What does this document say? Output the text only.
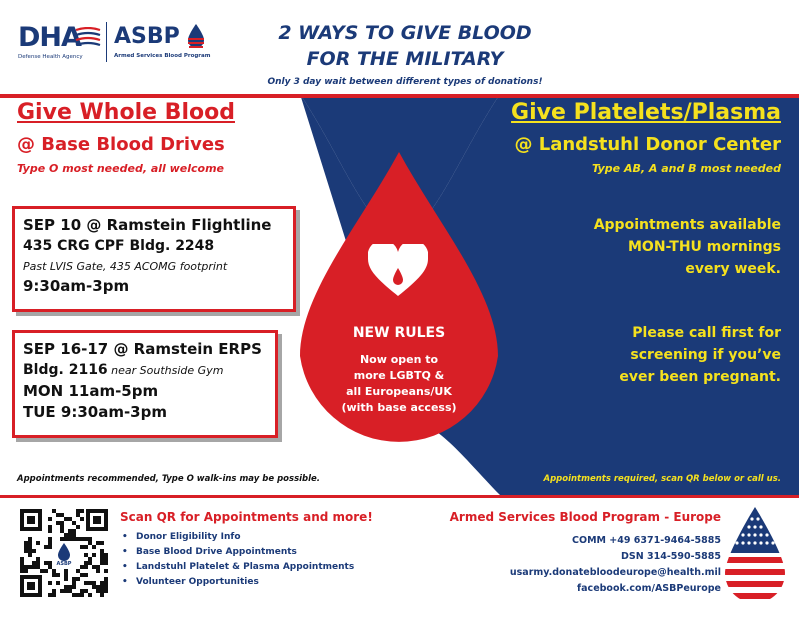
DHA
Defense Health Agency
ASBP
Armed Services Blood Program
2 WAYS TO GIVE BLOOD
FOR THE MILITARY
Only 3 day wait between different types of donations!
Give Whole Blood
@ Base Blood Drives
Type O most needed, all welcome
SEP 10 @ Ramstein Flightline
435 CRG CPF Bldg. 2248
Past LVIS Gate, 435 ACOMG footprint
9:30am-3pm
SEP 16-17 @ Ramstein ERPS
Bldg. 2116 near Southside Gym
MON 11am-5pm
TUE 9:30am-3pm
Appointments recommended, Type O walk-ins may be possible.
NEW RULES
Now open to
more LGBTQ &
all Europeans/UK
(with base access)
Give Platelets/Plasma
@ Landstuhl Donor Center
Type AB, A and B most needed
Appointments available
MON-THU mornings
every week.
Please call first for
screening if you’ve
ever been pregnant.
Appointments required, scan QR below or call us.
ASBP
Scan QR for Appointments and more!
• Donor Eligibility Info
• Base Blood Drive Appointments
• Landstuhl Platelet & Plasma Appointments
• Volunteer Opportunities
Armed Services Blood Program - Europe
COMM +49 6371-9464-5885
DSN 314-590-5885
usarmy.donatebloodeurope@health.mil
facebook.com/ASBPeurope
